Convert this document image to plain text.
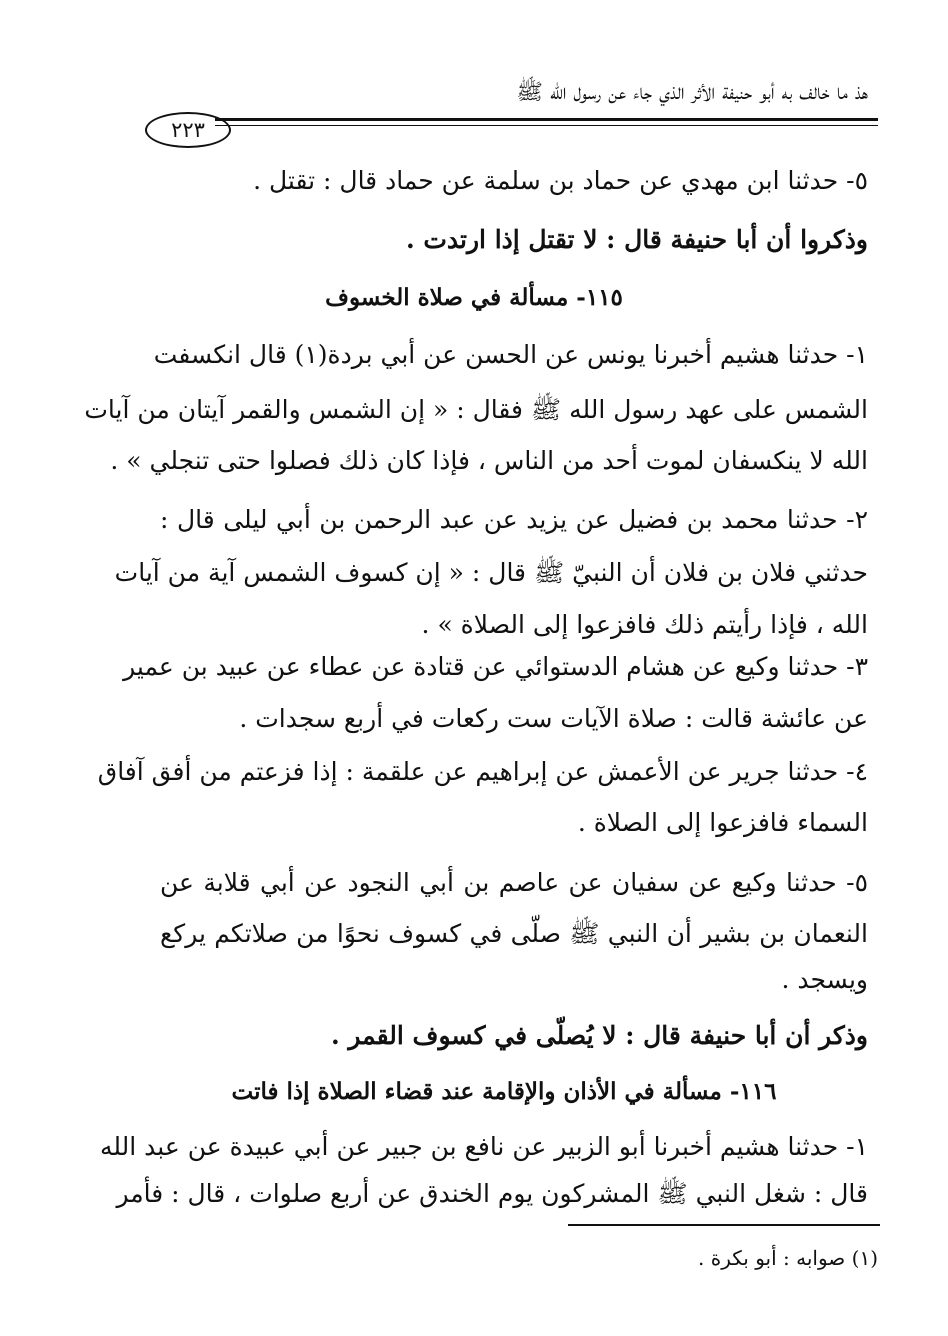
هذ ما خالف به أبو حنيفة الأثر الذي جاء عن رسول الله ﷺ
٢٢٣
٥- حدثنا ابن مهدي عن حماد بن سلمة عن حماد قال : تقتل .
وذكروا أن أبا حنيفة قال : لا تقتل إذا ارتدت .
١١٥- مسألة في صلاة الخسوف
١- حدثنا هشيم أخبرنا يونس عن الحسن عن أبي بردة(١) قال انكسفت
الشمس على عهد رسول الله ﷺ فقال : « إن الشمس والقمر آيتان من آيات
الله لا ينكسفان لموت أحد من الناس ، فإذا كان ذلك فصلوا حتى تنجلي » .
٢- حدثنا محمد بن فضيل عن يزيد عن عبد الرحمن بن أبي ليلى قال :
حدثني فلان بن فلان أن النبيّ ﷺ قال : « إن كسوف الشمس آية من آيات
الله ، فإذا رأيتم ذلك فافزعوا إلى الصلاة » .
٣- حدثنا وكيع عن هشام الدستوائي عن قتادة عن عطاء عن عبيد بن عمير
عن عائشة قالت : صلاة الآيات ست ركعات في أربع سجدات .
٤- حدثنا جرير عن الأعمش عن إبراهيم عن علقمة : إذا فزعتم من أفق آفاق
السماء فافزعوا إلى الصلاة .
٥- حدثنا وكيع عن سفيان عن عاصم بن أبي النجود عن أبي قلابة عن
النعمان بن بشير أن النبي ﷺ صلّى في كسوف نحوًا من صلاتكم يركع
ويسجد .
وذكر أن أبا حنيفة قال : لا يُصلّى في كسوف القمر .
١١٦- مسألة في الأذان والإقامة عند قضاء الصلاة إذا فاتت
١- حدثنا هشيم أخبرنا أبو الزبير عن نافع بن جبير عن أبي عبيدة عن عبد الله
قال : شغل النبي ﷺ المشركون يوم الخندق عن أربع صلوات ، قال : فأمر
(١) صوابه : أبو بكرة .
